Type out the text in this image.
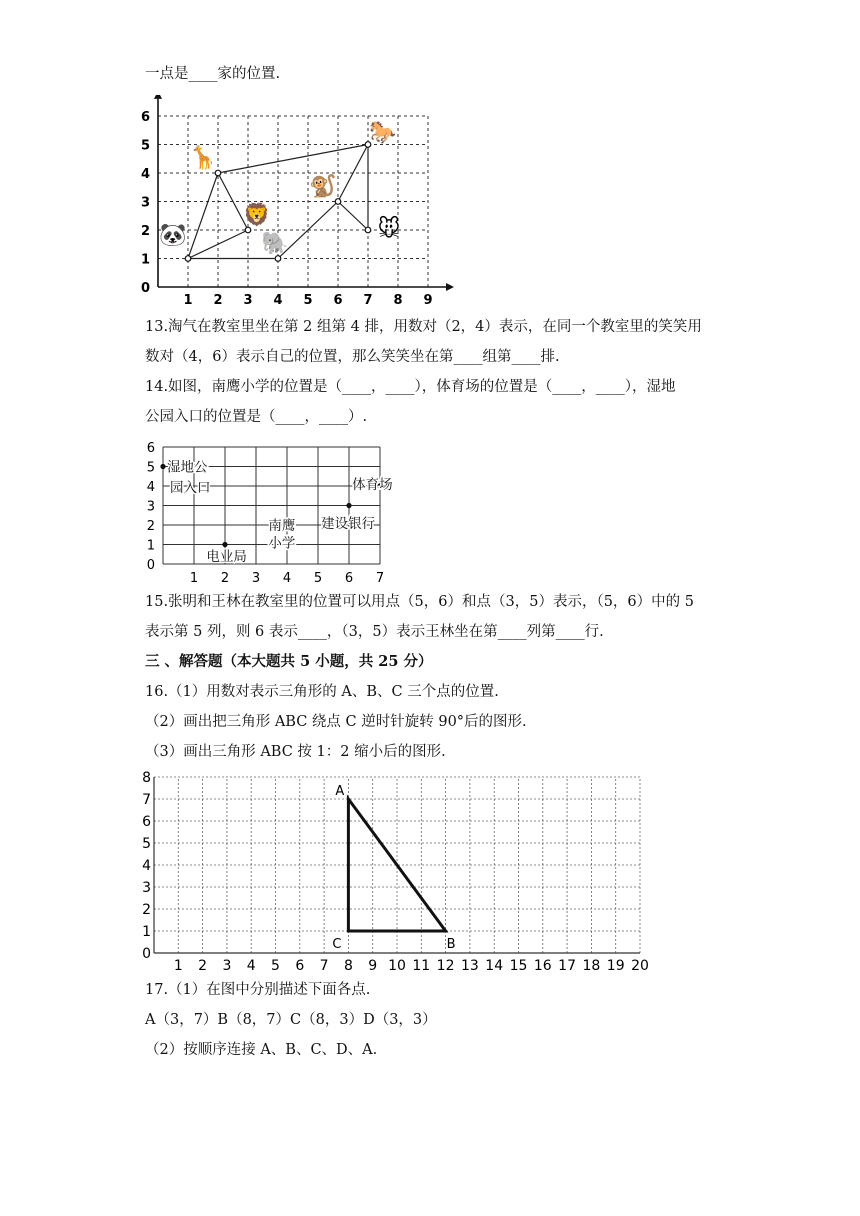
一点是____家的位置.
1 2 3 4 5 6 7 8 9
0
1
2
3
4
5
6
🦒
🐎
🐒
🦁
🐼	🐘
🐭
13.淘气在教室里坐在第 2 组第 4 排，用数对（2，4）表示，在同一个教室里的笑笑用
数对（4，6）表示自己的位置，那么笑笑坐在第____组第____排.
14.如图，南鹰小学的位置是（____，____），体育场的位置是（____，____），湿地
公园入口的位置是（____，____）.
1 2 3 4 5 6 7
0
1
2
3
4
5
6
湿地公
园入口	体育场
南鹰
小学
建设银行
电业局
15.张明和王林在教室里的位置可以用点（5，6）和点（3，5）表示，（5，6）中的 5
表示第 5 列，则 6 表示____，（3，5）表示王林坐在第____列第____行.
三 、解答题（本大题共 5 小题，共 25 分）
16.（1）用数对表示三角形的 A、B、C 三个点的位置.
（2）画出把三角形 ABC 绕点 C 逆时针旋转 90°后的图形.
（3）画出三角形 ABC 按 1：2 缩小后的图形.
1 2 3 4 5 6 7 8 9 10 11 12 13 14 15 16 17 18 19 20
0
1
2
3
4
5
6
7
8
A
B
C
17.（1）在图中分别描述下面各点.
A（3，7）B（8，7）C（8，3）D（3，3）
（2）按顺序连接 A、B、C、D、A.
